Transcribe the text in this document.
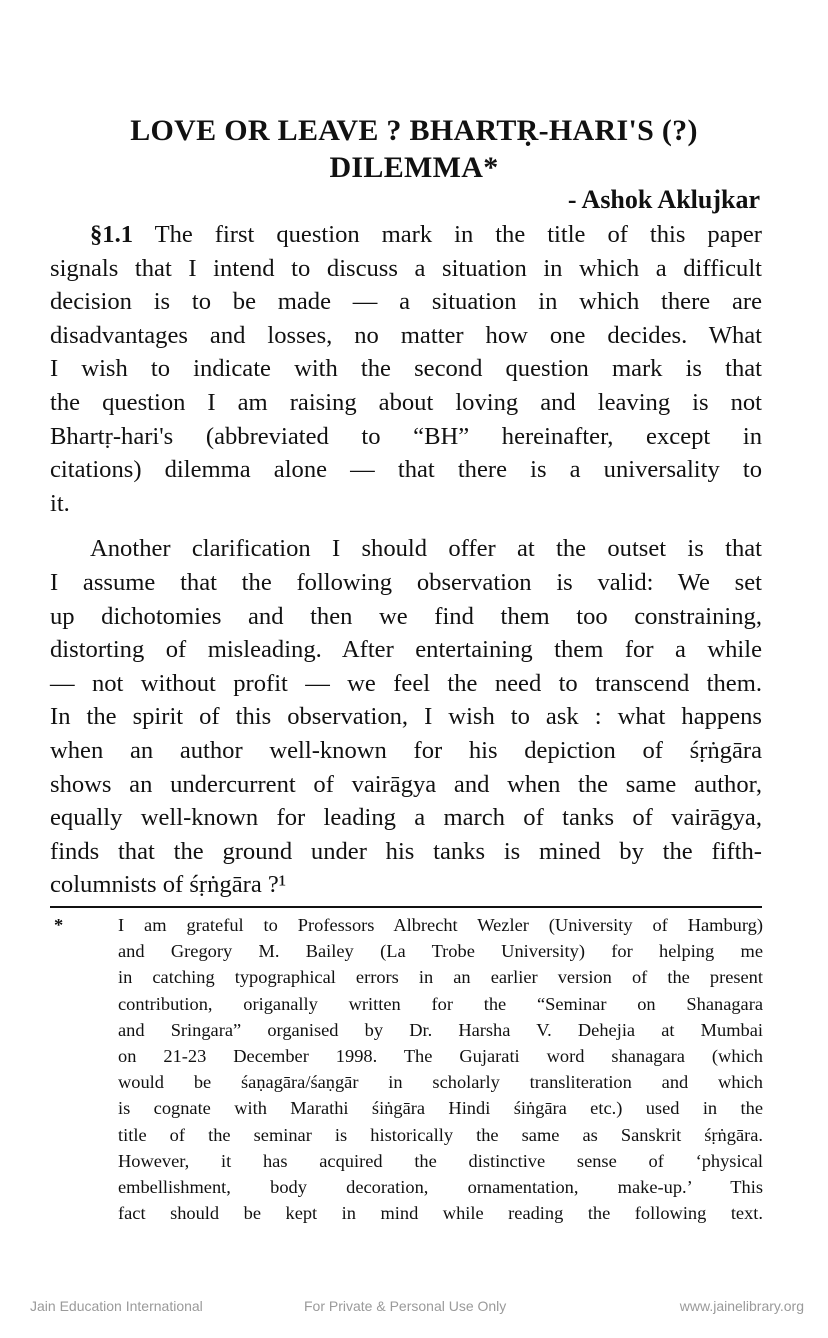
LOVE OR LEAVE ? BHARTṚ-HARI'S (?)
DILEMMA*
- Ashok Aklujkar

§1.1 The first question mark in the title of this paper
signals that I intend to discuss a situation in which a difficult
decision is to be made — a situation in which there are
disadvantages and losses, no matter how one decides. What
I wish to indicate with the second question mark is that
the question I am raising about loving and leaving is not
Bhartṛ-hari's (abbreviated to “BH” hereinafter, except in
citations) dilemma alone — that there is a universality to
it.

Another clarification I should offer at the outset is that
I assume that the following observation is valid: We set
up dichotomies and then we find them too constraining,
distorting of misleading. After entertaining them for a while
— not without profit — we feel the need to transcend them.
In the spirit of this observation, I wish to ask : what happens
when an author well-known for his depiction of śṛṅgāra
shows an undercurrent of vairāgya and when the same author,
equally well-known for leading a march of tanks of vairāgya,
finds that the ground under his tanks is mined by the fifth-
columnists of śṛṅgāra ?¹

*	I am grateful to Professors Albrecht Wezler (University of Hamburg)
and Gregory M. Bailey (La Trobe University) for helping me
in catching typographical errors in an earlier version of the present
contribution, origanally written for the “Seminar on Shanagara
and Sringara” organised by Dr. Harsha V. Dehejia at Mumbai
on 21-23 December 1998. The Gujarati word shanagara (which
would be śaṇagāra/śaṇgār in scholarly transliteration and which
is cognate with Marathi śiṅgāra Hindi śiṅgāra etc.) used in the
title of the seminar is historically the same as Sanskrit śṛṅgāra.
However, it has acquired the distinctive sense of ‘physical
embellishment, body decoration, ornamentation, make-up.’ This
fact should be kept in mind while reading the following text.
Jain Education International	For Private & Personal Use Only	www.jainelibrary.org
